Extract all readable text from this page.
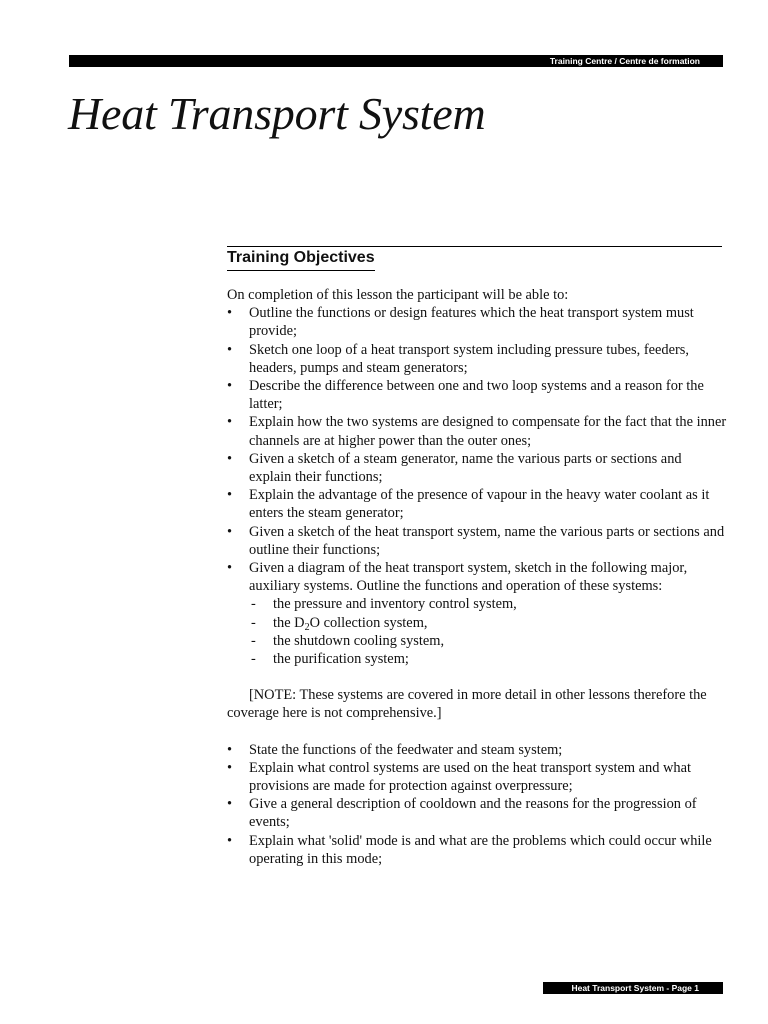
Training Centre / Centre de formation
Heat Transport System
Training Objectives

On completion of this lesson the participant will be able to:

• Outline the functions or design features which the heat transport system must provide;
• Sketch one loop of a heat transport system including pressure tubes, feeders, headers, pumps and steam generators;
• Describe the difference between one and two loop systems and a reason for the latter;
• Explain how the two systems are designed to compensate for the fact that the inner channels are at higher power than the outer ones;
• Given a sketch of a steam generator, name the various parts or sections and explain their functions;
• Explain the advantage of the presence of vapour in the heavy water coolant as it enters the steam generator;
• Given a sketch of the heat transport system, name the various parts or sections and outline their functions;
• Given a diagram of the heat transport system, sketch in the following major, auxiliary systems. Outline the functions and operation of these systems:
- the pressure and inventory control system,
- the $D_2O$ collection system,
- the shutdown cooling system,
- the purification system;

[NOTE: These systems are covered in more detail in other lessons therefore the coverage here is not comprehensive.]

• State the functions of the feedwater and steam system;
• Explain what control systems are used on the heat transport system and what provisions are made for protection against overpressure;
• Give a general description of cooldown and the reasons for the progression of events;
• Explain what 'solid' mode is and what are the problems which could occur while operating in this mode;
Heat Transport System - Page 1
